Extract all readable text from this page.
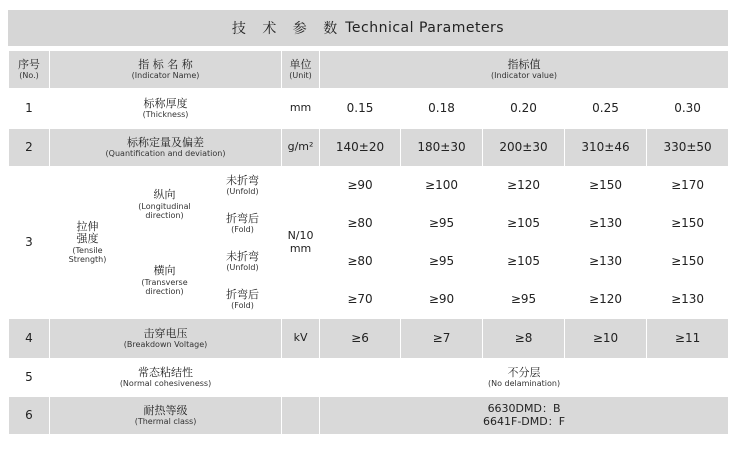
技 术 参 数 Technical Parameters
序号
(No.)	指 标 名 称
(Indicator Name)			单位
(Unit)	指标值
(Indicator value)				

1	标称厚度
(Thickness)			mm	0.15	0.18	0.20	0.25	0.30
2	标称定量及偏差
(Quantification and deviation)			g/m²	140±20	180±30	200±30	310±46	330±50
3	拉伸强度
(Tensile Strength)	纵向
(Longitudinal direction)	未折弯
(Unfold)	N/10 mm	≥90	≥100	≥120	≥150	≥170

			折弯后
(Fold)		≥80	≥95	≥105	≥130	≥150

		横向
(Transverse direction)	未折弯
(Unfold)		≥80	≥95	≥105	≥130	≥150

			折弯后
(Fold)		≥70	≥90	≥95	≥120	≥130
4	击穿电压
(Breakdown Voltage)			kV	≥6	≥7	≥8	≥10	≥11
5	常态粘结性
(Normal cohesiveness)				不分层
(No delamination)				

6	耐热等级
(Thermal class)				6630DMD：B
6641F-DMD：F				
